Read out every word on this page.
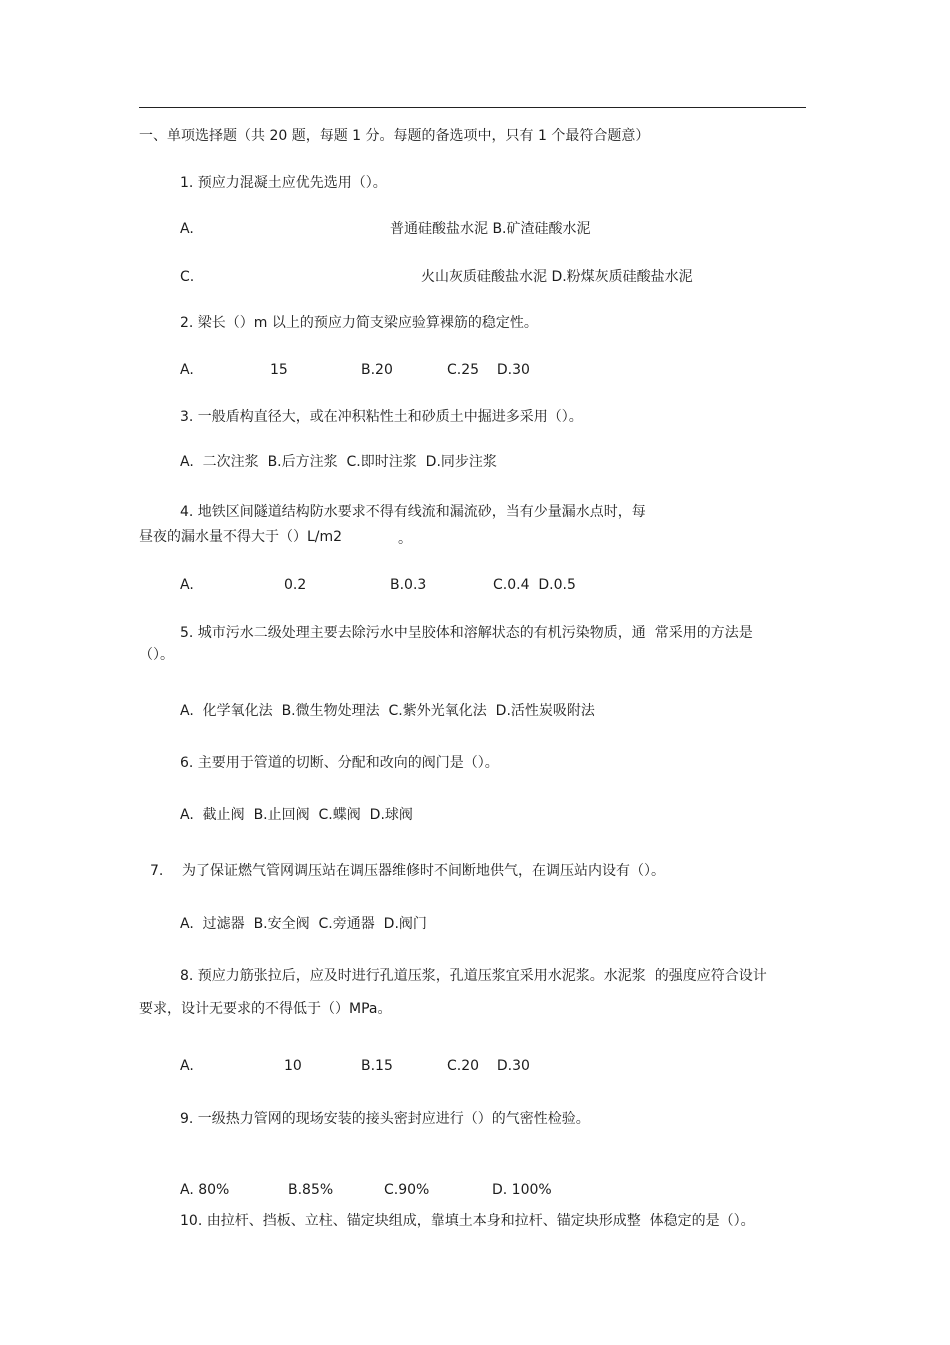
一、单项选择题（共 20 题，每题 1 分。每题的备选项中，只有 1 个最符合题意）
1. 预应力混凝土应优先选用（）。
A.	普通硅酸盐水泥 B.矿渣硅酸水泥
C.	火山灰质硅酸盐水泥 D.粉煤灰质硅酸盐水泥
2. 梁长（）m 以上的预应力简支梁应验算裸筋的稳定性。
A.	15	B.20	C.25    D.30
3. 一般盾构直径大，或在冲积粘性土和砂质土中掘进多采用（）。
A.  二次注浆  B.后方注浆  C.即时注浆  D.同步注浆
4. 地铁区间隧道结构防水要求不得有线流和漏流砂，当有少量漏水点时，每
昼夜的漏水量不得大于（）L/m2	。
A.	0.2	B.0.3	C.0.4  D.0.5
5. 城市污水二级处理主要去除污水中呈胶体和溶解状态的有机污染物质，通  常采用的方法是
（）。
A.  化学氧化法  B.微生物处理法  C.紫外光氧化法  D.活性炭吸附法
6. 主要用于管道的切断、分配和改向的阀门是（）。
A.  截止阀  B.止回阀  C.蝶阀  D.球阀
7. 为了保证燃气管网调压站在调压器维修时不间断地供气，在调压站内设有（）。
A.  过滤器  B.安全阀  C.旁通器  D.阀门
8. 预应力筋张拉后，应及时进行孔道压浆，孔道压浆宜采用水泥浆。水泥浆  的强度应符合设计
要求，设计无要求的不得低于（）MPa。
A.	10	B.15	C.20    D.30
9. 一级热力管网的现场安装的接头密封应进行（）的气密性检验。
A. 80%	B.85%	C.90%	D. 100%
10. 由拉杆、挡板、立柱、锚定块组成，靠填土本身和拉杆、锚定块形成整  体稳定的是（）。
